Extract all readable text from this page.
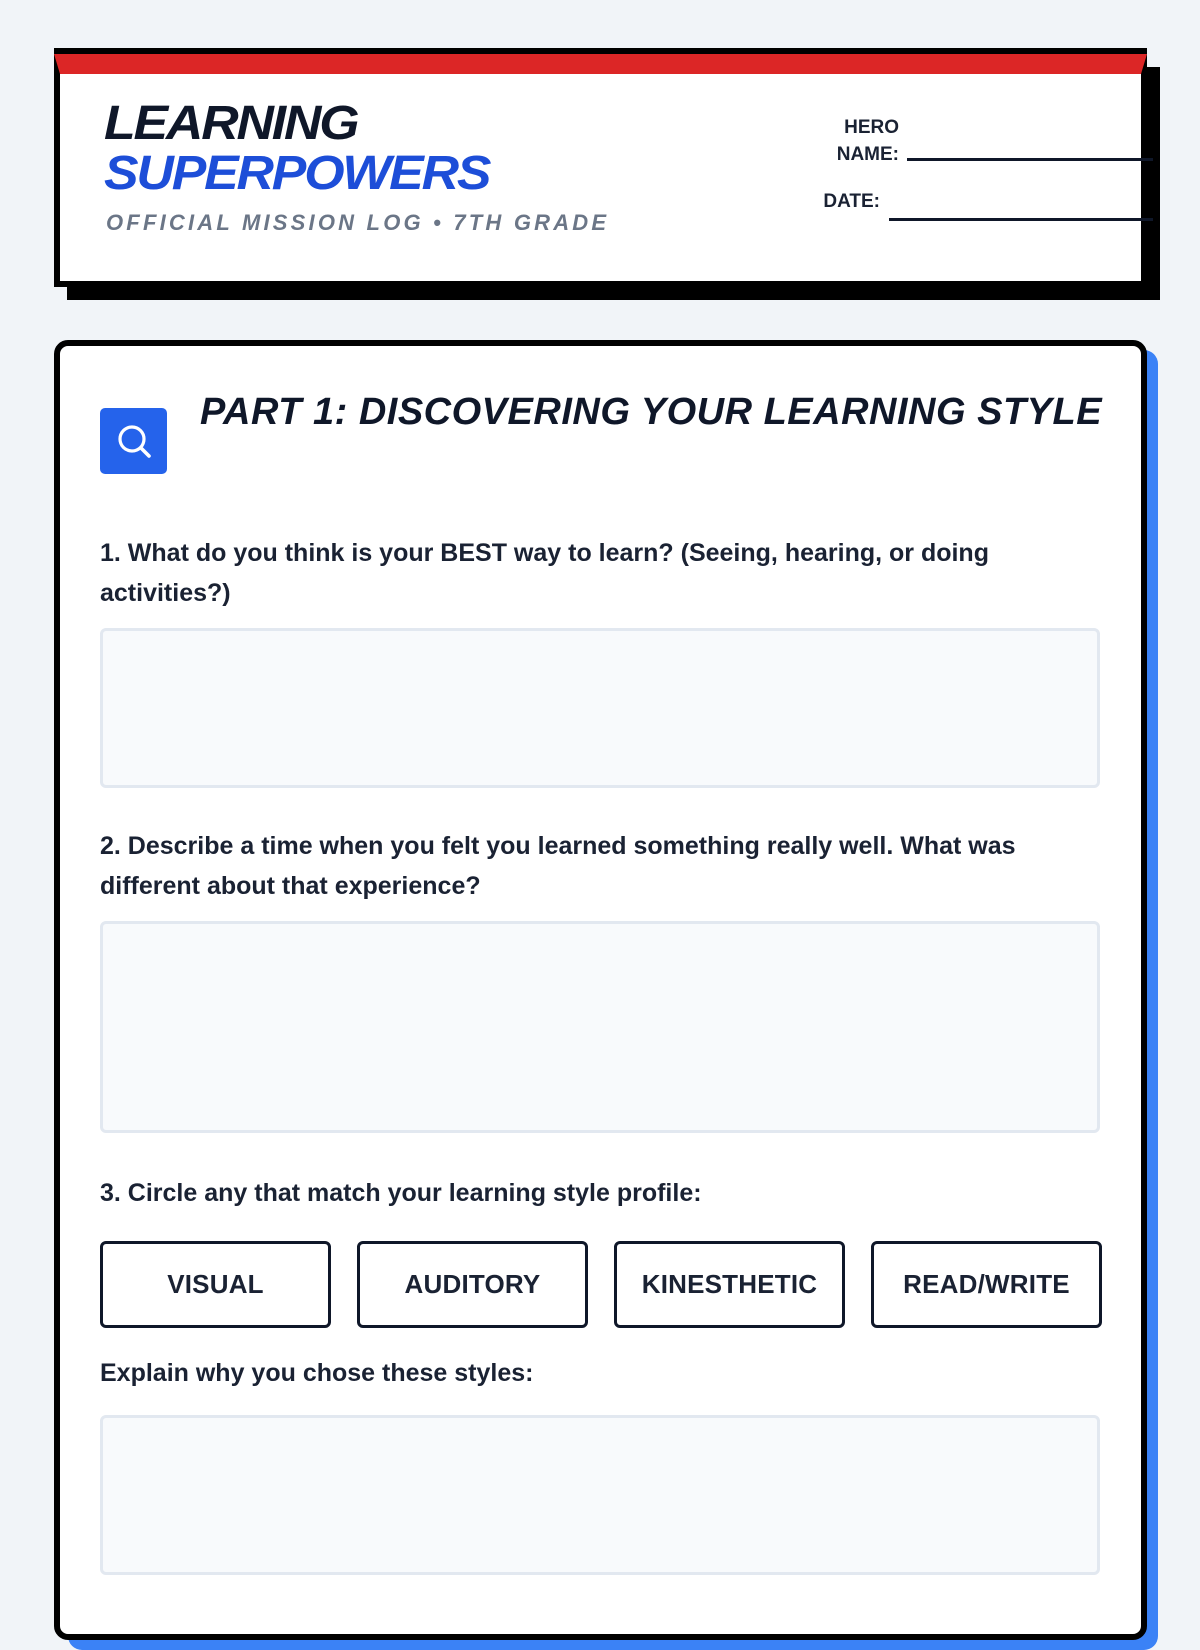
LEARNING
SUPERPOWERS
OFFICIAL MISSION LOG • 7TH GRADE
HERO
NAME:
DATE:
PART 1: DISCOVERING YOUR LEARNING STYLE
1. What do you think is your BEST way to learn? (Seeing, hearing, or doing activities?)
2. Describe a time when you felt you learned something really well. What was different about that experience?
3. Circle any that match your learning style profile:
VISUAL	AUDITORY	KINESTHETIC	READ/WRITE
Explain why you chose these styles:
